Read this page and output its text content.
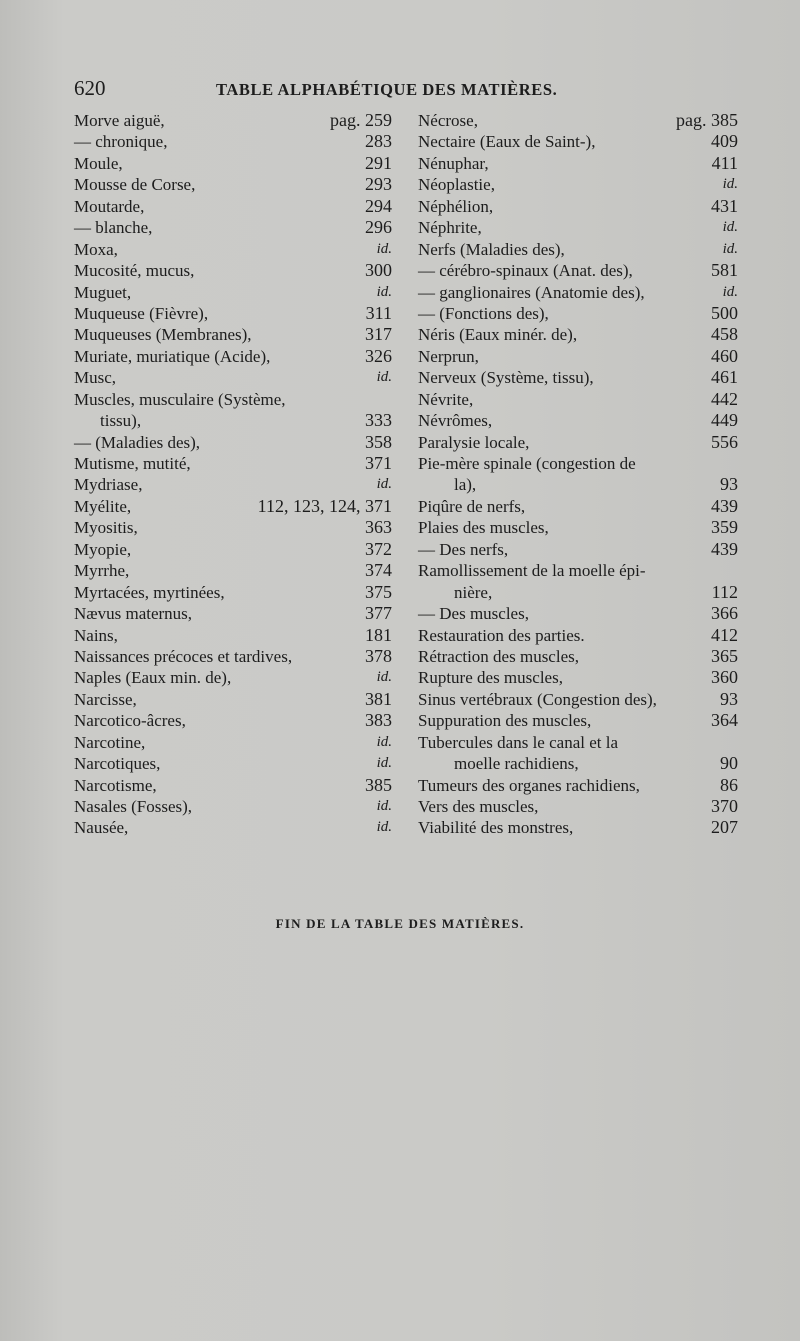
620	TABLE ALPHABÉTIQUE DES MATIÈRES.
Morve aiguë,	pag. 259
— chronique,	283
Moule,	291
Mousse de Corse,	293
Moutarde,	294
— blanche,	296
Moxa,	id.
Mucosité, mucus,	300
Muguet,	id.
Muqueuse (Fièvre),	311
Muqueuses (Membranes),	317
Muriate, muriatique (Acide),	326
Musc,	id.
Muscles, musculaire (Système,
tissu),	333
— (Maladies des),	358
Mutisme, mutité,	371
Mydriase,	id.
Myélite,	112, 123, 124, 371
Myositis,	363
Myopie,	372
Myrrhe,	374
Myrtacées, myrtinées,	375
Nævus maternus,	377
Nains,	181
Naissances précoces et tardives,	378
Naples (Eaux min. de),	id.
Narcisse,	381
Narcotico-âcres,	383
Narcotine,	id.
Narcotiques,	id.
Narcotisme,	385
Nasales (Fosses),	id.
Nausée,	id.
Nécrose,	pag. 385
Nectaire (Eaux de Saint-),	409
Nénuphar,	411
Néoplastie,	id.
Néphélion,	431
Néphrite,	id.
Nerfs (Maladies des),	id.
— cérébro-spinaux (Anat. des),	581
— ganglionaires (Anatomie des),	id.
— (Fonctions des),	500
Néris (Eaux minér. de),	458
Nerprun,	460
Nerveux (Système, tissu),	461
Névrite,	442
Névrômes,	449
Paralysie locale,	556
Pie-mère spinale (congestion de
la),	93
Piqûre de nerfs,	439
Plaies des muscles,	359
— Des nerfs,	439
Ramollissement de la moelle épi-
nière,	112
— Des muscles,	366
Restauration des parties.	412
Rétraction des muscles,	365
Rupture des muscles,	360
Sinus vertébraux (Congestion des),	93
Suppuration des muscles,	364
Tubercules dans le canal et la
moelle rachidiens,	90
Tumeurs des organes rachidiens,	86
Vers des muscles,	370
Viabilité des monstres,	207
FIN DE LA TABLE DES MATIÈRES.
